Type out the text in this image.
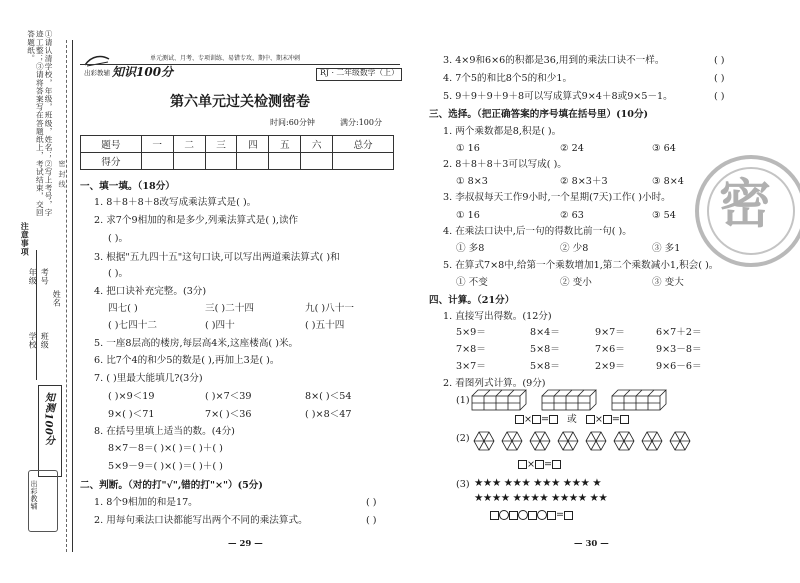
①请认清学校，年级，班级，姓名；②写上考号，字迹工整；③请将答案写在答题纸上，考试结束，交回答题纸。
注意事项
年级 考号
学校 班级
姓名
密 封 线
知测100分
出彩教辅
知识100分
出彩教辅
单元测试、月考、专项训练、易错专攻、期中、期末冲刺
RJ · 二年级数学（上）
第六单元过关检测密卷
时间:60分钟	满分:100分
题号	一	二	三	四	五	六	总分
得分							
一、填一填。（18分）
1. 8＋8＋8＋8改写成乘法算式是( )。
2. 求7个9相加的和是多少,列乘法算式是( ),读作
( )。
3. 根据"五九四十五"这句口诀,可以写出两道乘法算式( )和
( )。
4. 把口诀补充完整。(3分)
四七( )	三( )二十四	九( )八十一
( )七四十二	( )四十	( )五十四
5. 一座8层高的楼房,每层高4米,这座楼高( )米。
6. 比7个4的和少5的数是( ),再加上3是( )。
7. ( )里最大能填几?(3分)
( )×9＜19	( )×7＜39	8×( )＜54
9×( )＜71	7×( )＜36	( )×8＜47
8. 在括号里填上适当的数。(4分)
8×7－8＝( )×( )＝( )＋( )
5×9－9＝( )×( )＝( )＋( )
二、判断。（对的打"√",错的打"×"）(5分)
1. 8个9相加的和是17。	( )
2. 用每句乘法口诀都能写出两个不同的乘法算式。	( )
— 29 —
3. 4×9和6×6的积都是36,用到的乘法口诀不一样。	( )
4. 7个5的和比8个5的和少1。	( )
5. 9＋9＋9＋9＋8可以写成算式9×4＋8或9×5－1。	( )
三、选择。（把正确答案的序号填在括号里）(10分)
1. 两个乘数都是8,积是( )。
① 16	② 24	③ 64
2. 8＋8＋8＋3可以写成( )。
① 8×3	② 8×3＋3	③ 8×4
3. 李叔叔每天工作9小时,一个星期(7天)工作( )小时。
① 16	② 63	③ 54
4. 在乘法口诀中,后一句的得数比前一句( )。
① 多8	② 少8	③ 多1
5. 在算式7×8中,给第一个乘数增加1,第二个乘数减小1,积会( )。
① 不变	② 变小	③ 变大
四、计算。（21分）
1. 直接写出得数。(12分)
5×9＝	8×4＝	9×7＝	6×7＋2＝
7×8＝	5×8＝	7×6＝	9×3－8＝
3×7＝	5×8＝	2×9＝	9×6－6＝
2. 看图列式计算。(9分)
(1)
× = 或 × =
(2)
× =
(3) ★★★ ★★★ ★★★ ★★★ ★
★★★★ ★★★★ ★★★★ ★★
=
— 30 —
密
